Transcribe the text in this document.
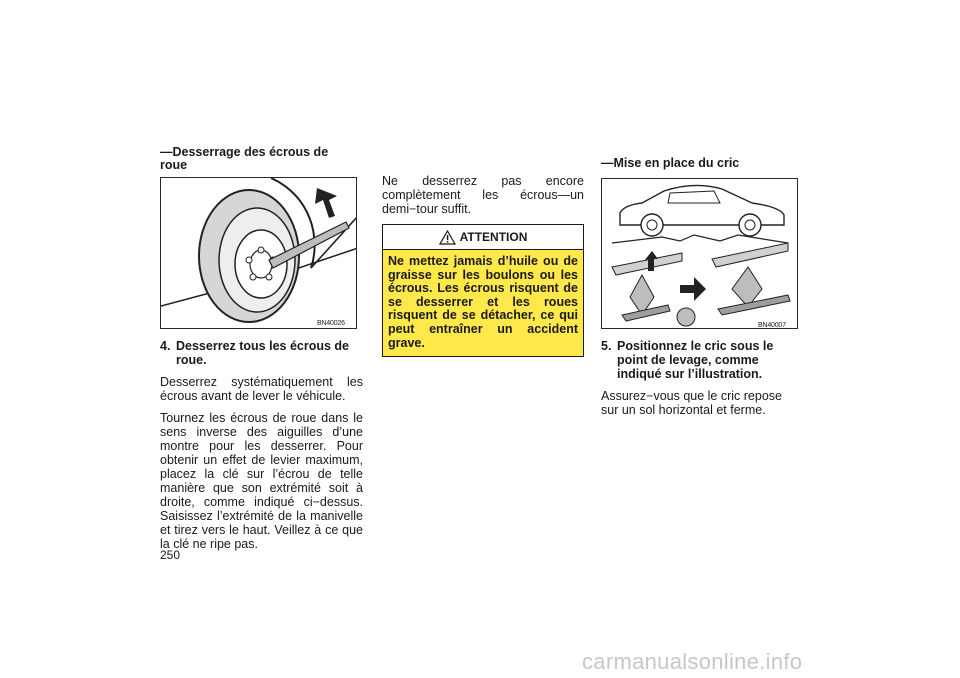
—Desserrage des écrous de roue
BN40026
4. Desserrez tous les écrous de roue.

Desserrez systématiquement les écrous avant de lever le véhicule.

Tournez les écrous de roue dans le sens inverse des aiguilles d’une montre pour les desserrer. Pour obtenir un effet de levier maximum, placez la clé sur l’écrou de telle manière que son extrémité soit à droite, comme indiqué ci−dessus. Saisissez l’extrémité de la manivelle et tirez vers le haut. Veillez à ce que la clé ne ripe pas.

Ne desserrez pas encore complètement les écrous—un demi−tour suffit.

ATTENTION
Ne mettez jamais d’huile ou de graisse sur les boulons ou les écrous. Les écrous risquent de se desserrer et les roues risquent de se détacher, ce qui peut entraîner un accident grave.
—Mise en place du cric
BN40007
5. Positionnez le cric sous le point de levage, comme indiqué sur l’illustration.

Assurez−vous que le cric repose sur un sol horizontal et ferme.

250
carmanualsonline.info
